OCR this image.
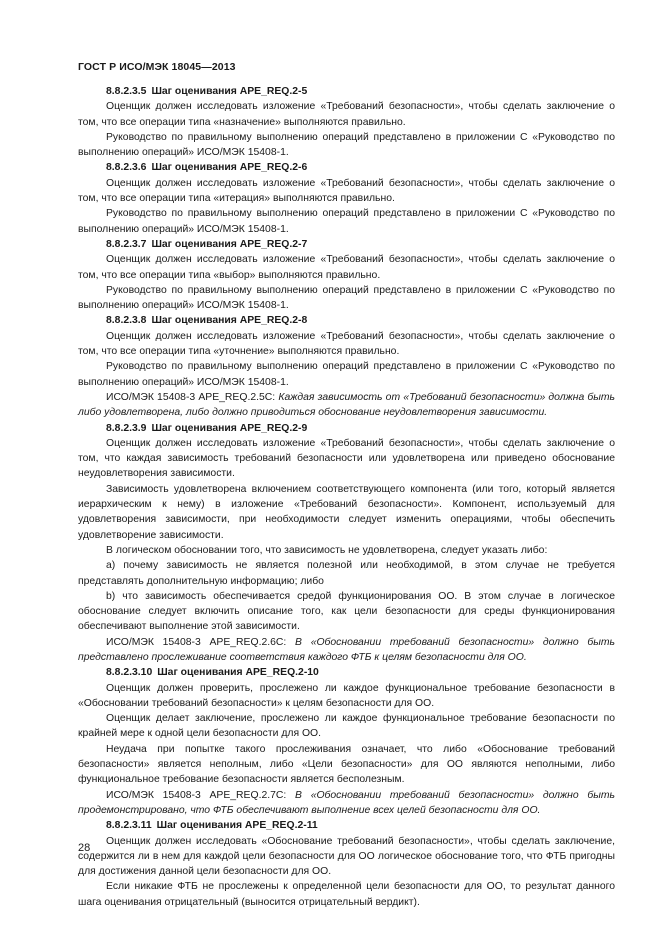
ГОСТ Р ИСО/МЭК 18045—2013
8.8.2.3.5 Шаг оценивания APE_REQ.2-5
Оценщик должен исследовать изложение «Требований безопасности», чтобы сделать заключение о том, что все операции типа «назначение» выполняются правильно.
Руководство по правильному выполнению операций представлено в приложении С «Руководство по выполнению операций» ИСО/МЭК 15408-1.
8.8.2.3.6 Шаг оценивания APE_REQ.2-6
Оценщик должен исследовать изложение «Требований безопасности», чтобы сделать заключение о том, что все операции типа «итерация» выполняются правильно.
Руководство по правильному выполнению операций представлено в приложении С «Руководство по выполнению операций» ИСО/МЭК 15408-1.
8.8.2.3.7 Шаг оценивания APE_REQ.2-7
Оценщик должен исследовать изложение «Требований безопасности», чтобы сделать заключение о том, что все операции типа «выбор» выполняются правильно.
Руководство по правильному выполнению операций представлено в приложении С «Руководство по выполнению операций» ИСО/МЭК 15408-1.
8.8.2.3.8 Шаг оценивания APE_REQ.2-8
Оценщик должен исследовать изложение «Требований безопасности», чтобы сделать заключение о том, что все операции типа «уточнение» выполняются правильно.
Руководство по правильному выполнению операций представлено в приложении С «Руководство по выполнению операций» ИСО/МЭК 15408-1.
ИСО/МЭК 15408-3 APE_REQ.2.5C: Каждая зависимость от «Требований безопасности» должна быть либо удовлетворена, либо должно приводиться обоснование неудовлетворения зависимости.
8.8.2.3.9 Шаг оценивания APE_REQ.2-9
Оценщик должен исследовать изложение «Требований безопасности», чтобы сделать заключение о том, что каждая зависимость требований безопасности или удовлетворена или приведено обоснование неудовлетворения зависимости.
Зависимость удовлетворена включением соответствующего компонента (или того, который является иерархическим к нему) в изложение «Требований безопасности». Компонент, используемый для удовлетворения зависимости, при необходимости следует изменить операциями, чтобы обеспечить удовлетворение зависимости.
В логическом обосновании того, что зависимость не удовлетворена, следует указать либо:
а) почему зависимость не является полезной или необходимой, в этом случае не требуется представлять дополнительную информацию; либо
b) что зависимость обеспечивается средой функционирования ОО. В этом случае в логическое обоснование следует включить описание того, как цели безопасности для среды функционирования обеспечивают выполнение этой зависимости.
ИСО/МЭК 15408-3 APE_REQ.2.6C: В «Обосновании требований безопасности» должно быть представлено прослеживание соответствия каждого ФТБ к целям безопасности для ОО.
8.8.2.3.10 Шаг оценивания APE_REQ.2-10
Оценщик должен проверить, прослежено ли каждое функциональное требование безопасности в «Обосновании требований безопасности» к целям безопасности для ОО.
Оценщик делает заключение, прослежено ли каждое функциональное требование безопасности по крайней мере к одной цели безопасности для ОО.
Неудача при попытке такого прослеживания означает, что либо «Обоснование требований безопасности» является неполным, либо «Цели безопасности» для ОО являются неполными, либо функциональное требование безопасности является бесполезным.
ИСО/МЭК 15408-3 APE_REQ.2.7C: В «Обосновании требований безопасности» должно быть продемонстрировано, что ФТБ обеспечивают выполнение всех целей безопасности для ОО.
8.8.2.3.11 Шаг оценивания APE_REQ.2-11
Оценщик должен исследовать «Обоснование требований безопасности», чтобы сделать заключение, содержится ли в нем для каждой цели безопасности для ОО логическое обоснование того, что ФТБ пригодны для достижения данной цели безопасности для ОО.
Если никакие ФТБ не прослежены к определенной цели безопасности для ОО, то результат данного шага оценивания отрицательный (выносится отрицательный вердикт).
28
